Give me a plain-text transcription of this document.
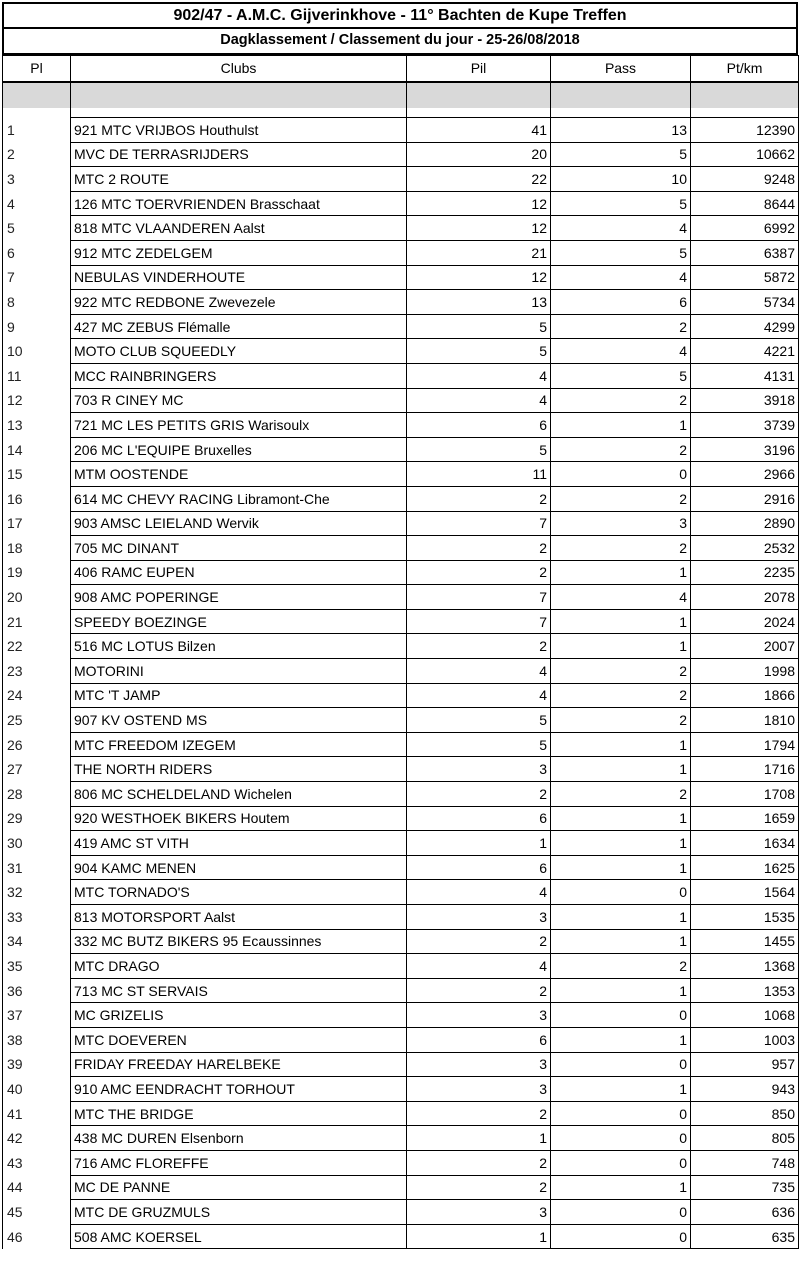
902/47 - A.M.C. Gijverinkhove - 11° Bachten de Kupe Treffen
Dagklassement / Classement du jour - 25-26/08/2018
Pl	Clubs	Pil	Pass	Pt/km

1	921 MTC VRIJBOS Houthulst	41	13	12390
2	MVC DE TERRASRIJDERS	20	5	10662
3	MTC 2 ROUTE	22	10	9248
4	126 MTC TOERVRIENDEN Brasschaat	12	5	8644
5	818 MTC VLAANDEREN Aalst	12	4	6992
6	912 MTC ZEDELGEM	21	5	6387
7	NEBULAS VINDERHOUTE	12	4	5872
8	922 MTC REDBONE Zwevezele	13	6	5734
9	427 MC ZEBUS Flémalle	5	2	4299
10	MOTO CLUB SQUEEDLY	5	4	4221
11	MCC RAINBRINGERS	4	5	4131
12	703 R CINEY MC	4	2	3918
13	721 MC LES PETITS GRIS Warisoulx	6	1	3739
14	206 MC L'EQUIPE Bruxelles	5	2	3196
15	MTM OOSTENDE	11	0	2966
16	614 MC CHEVY RACING Libramont-Che	2	2	2916
17	903 AMSC LEIELAND Wervik	7	3	2890
18	705 MC DINANT	2	2	2532
19	406 RAMC EUPEN	2	1	2235
20	908 AMC POPERINGE	7	4	2078
21	SPEEDY BOEZINGE	7	1	2024
22	516 MC LOTUS Bilzen	2	1	2007
23	MOTORINI	4	2	1998
24	MTC 'T JAMP	4	2	1866
25	907 KV OSTEND MS	5	2	1810
26	MTC FREEDOM IZEGEM	5	1	1794
27	THE NORTH RIDERS	3	1	1716
28	806 MC SCHELDELAND Wichelen	2	2	1708
29	920 WESTHOEK BIKERS Houtem	6	1	1659
30	419 AMC ST VITH	1	1	1634
31	904 KAMC MENEN	6	1	1625
32	MTC TORNADO'S	4	0	1564
33	813 MOTORSPORT Aalst	3	1	1535
34	332 MC BUTZ BIKERS 95 Ecaussinnes	2	1	1455
35	MTC DRAGO	4	2	1368
36	713 MC ST SERVAIS	2	1	1353
37	MC GRIZELIS	3	0	1068
38	MTC DOEVEREN	6	1	1003
39	FRIDAY FREEDAY HARELBEKE	3	0	957
40	910 AMC EENDRACHT TORHOUT	3	1	943
41	MTC THE BRIDGE	2	0	850
42	438 MC DUREN Elsenborn	1	0	805
43	716 AMC FLOREFFE	2	0	748
44	MC DE PANNE	2	1	735
45	MTC DE GRUZMULS	3	0	636
46	508 AMC KOERSEL	1	0	635
